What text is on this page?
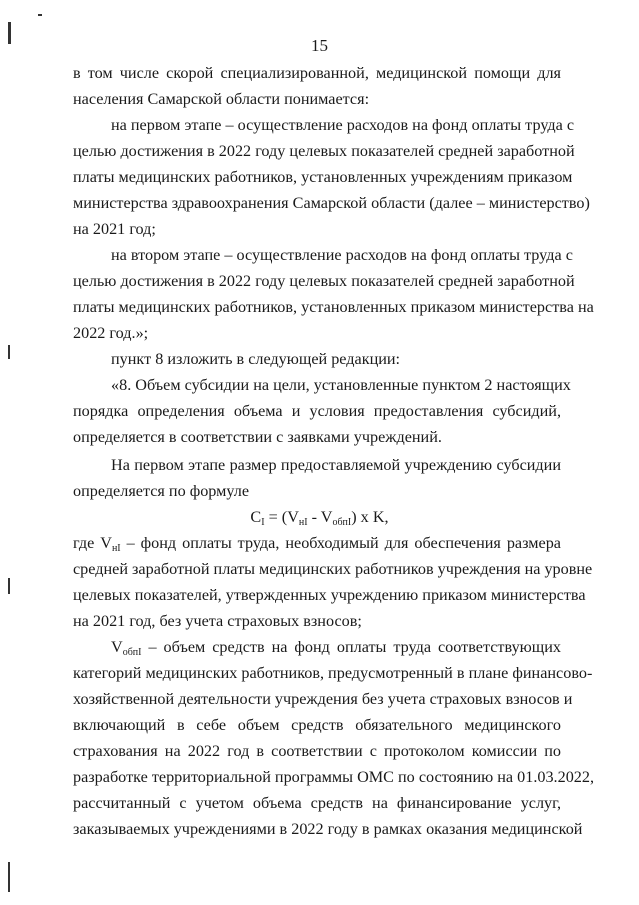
15
в том числе скорой специализированной, медицинской помощи для
населения Самарской области понимается:
на первом этапе – осуществление расходов на фонд оплаты труда с
целью достижения в 2022 году целевых показателей средней заработной
платы медицинских работников, установленных учреждениям приказом
министерства здравоохранения Самарской области (далее – министерство)
на 2021 год;
на втором этапе – осуществление расходов на фонд оплаты труда с
целью достижения в 2022 году целевых показателей средней заработной
платы медицинских работников, установленных приказом министерства на
2022 год.»;
пункт 8 изложить в следующей редакции:
«8. Объем субсидии на цели, установленные пунктом 2 настоящих
порядка определения объема и условия предоставления субсидий,
определяется в соответствии с заявками учреждений.
На первом этапе размер предоставляемой учреждению субсидии
определяется по формуле
$C_I = (V_{нI} - V_{обпI})$ x K,
где $V_{нI}$ – фонд оплаты труда, необходимый для обеспечения размера
средней заработной платы медицинских работников учреждения на уровне
целевых показателей, утвержденных учреждению приказом министерства
на 2021 год, без учета страховых взносов;
$V_{обпI}$ – объем средств на фонд оплаты труда соответствующих
категорий медицинских работников, предусмотренный в плане финансово-
хозяйственной деятельности учреждения без учета страховых взносов и
включающий в себе объем средств обязательного медицинского
страхования на 2022 год в соответствии с протоколом комиссии по
разработке территориальной программы ОМС по состоянию на 01.03.2022,
рассчитанный с учетом объема средств на финансирование услуг,
заказываемых учреждениями в 2022 году в рамках оказания медицинской
